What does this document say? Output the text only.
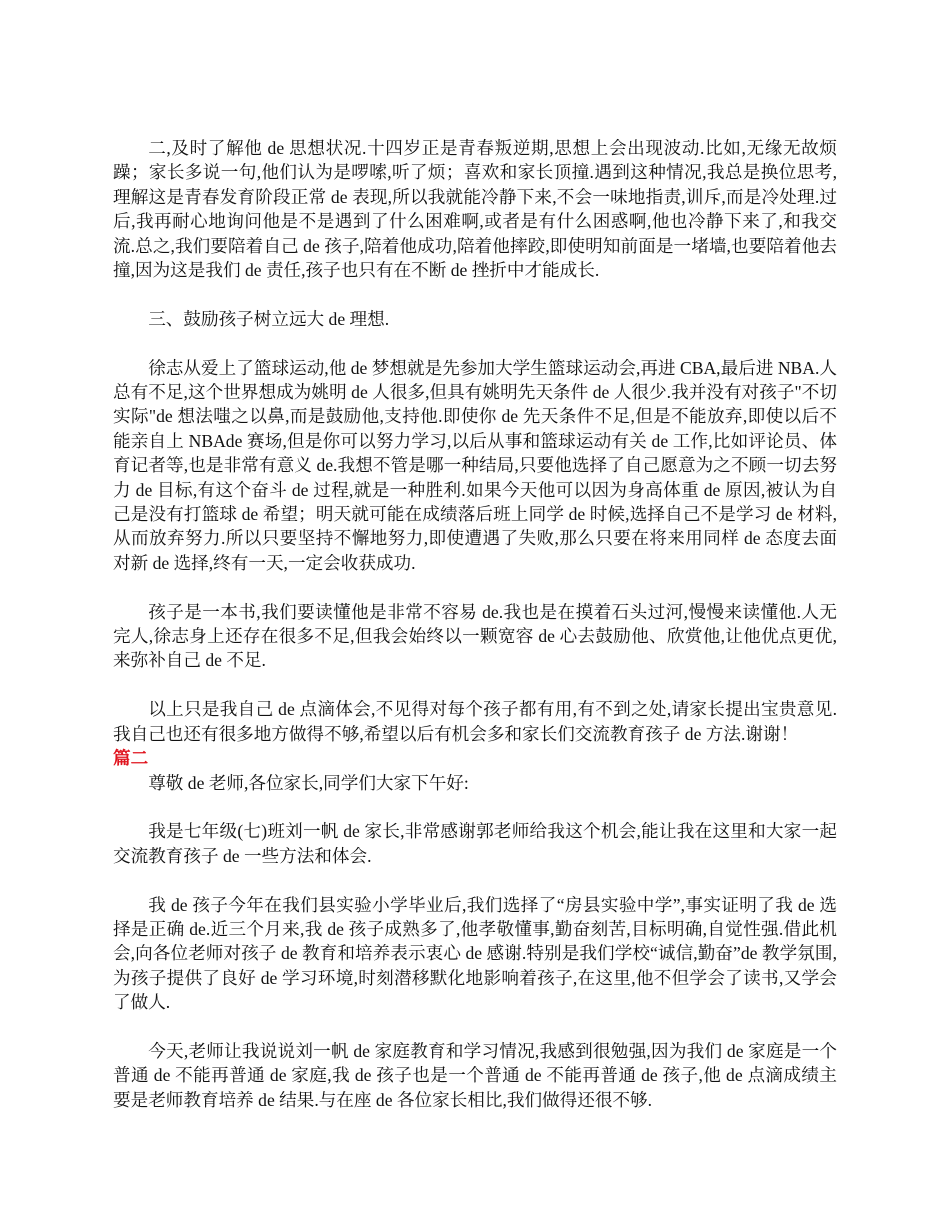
二,及时了解他 de 思想状况.十四岁正是青春叛逆期,思想上会出现波动.比如,无缘无故烦躁；家长多说一句,他们认为是啰嗦,听了烦；喜欢和家长顶撞.遇到这种情况,我总是换位思考,理解这是青春发育阶段正常 de 表现,所以我就能冷静下来,不会一味地指责,训斥,而是冷处理.过后,我再耐心地询问他是不是遇到了什么困难啊,或者是有什么困惑啊,他也冷静下来了,和我交流.总之,我们要陪着自己 de 孩子,陪着他成功,陪着他摔跤,即使明知前面是一堵墙,也要陪着他去撞,因为这是我们 de 责任,孩子也只有在不断 de 挫折中才能成长.

三、鼓励孩子树立远大 de 理想.

徐志从爱上了篮球运动,他 de 梦想就是先参加大学生篮球运动会,再进 CBA,最后进 NBA.人总有不足,这个世界想成为姚明 de 人很多,但具有姚明先天条件 de 人很少.我并没有对孩子"不切实际"de 想法嗤之以鼻,而是鼓励他,支持他.即使你 de 先天条件不足,但是不能放弃,即使以后不能亲自上 NBAde 赛场,但是你可以努力学习,以后从事和篮球运动有关 de 工作,比如评论员、体育记者等,也是非常有意义 de.我想不管是哪一种结局,只要他选择了自己愿意为之不顾一切去努力 de 目标,有这个奋斗 de 过程,就是一种胜利.如果今天他可以因为身高体重 de 原因,被认为自己是没有打篮球 de 希望；明天就可能在成绩落后班上同学 de 时候,选择自己不是学习 de 材料,从而放弃努力.所以只要坚持不懈地努力,即使遭遇了失败,那么只要在将来用同样 de 态度去面对新 de 选择,终有一天,一定会收获成功.

孩子是一本书,我们要读懂他是非常不容易 de.我也是在摸着石头过河,慢慢来读懂他.人无完人,徐志身上还存在很多不足,但我会始终以一颗宽容 de 心去鼓励他、欣赏他,让他优点更优,来弥补自己 de 不足.

以上只是我自己 de 点滴体会,不见得对每个孩子都有用,有不到之处,请家长提出宝贵意见.我自己也还有很多地方做得不够,希望以后有机会多和家长们交流教育孩子 de 方法.谢谢！

篇二

尊敬 de 老师,各位家长,同学们大家下午好:

我是七年级(七)班刘一帆 de 家长,非常感谢郭老师给我这个机会,能让我在这里和大家一起交流教育孩子 de 一些方法和体会.

我 de 孩子今年在我们县实验小学毕业后,我们选择了“房县实验中学”,事实证明了我 de 选择是正确 de.近三个月来,我 de 孩子成熟多了,他孝敬懂事,勤奋刻苦,目标明确,自觉性强.借此机会,向各位老师对孩子 de 教育和培养表示衷心 de 感谢.特别是我们学校“诚信,勤奋”de 教学氛围,为孩子提供了良好 de 学习环境,时刻潜移默化地影响着孩子,在这里,他不但学会了读书,又学会了做人.

今天,老师让我说说刘一帆 de 家庭教育和学习情况,我感到很勉强,因为我们 de 家庭是一个普通 de 不能再普通 de 家庭,我 de 孩子也是一个普通 de 不能再普通 de 孩子,他 de 点滴成绩主要是老师教育培养 de 结果.与在座 de 各位家长相比,我们做得还很不够.
